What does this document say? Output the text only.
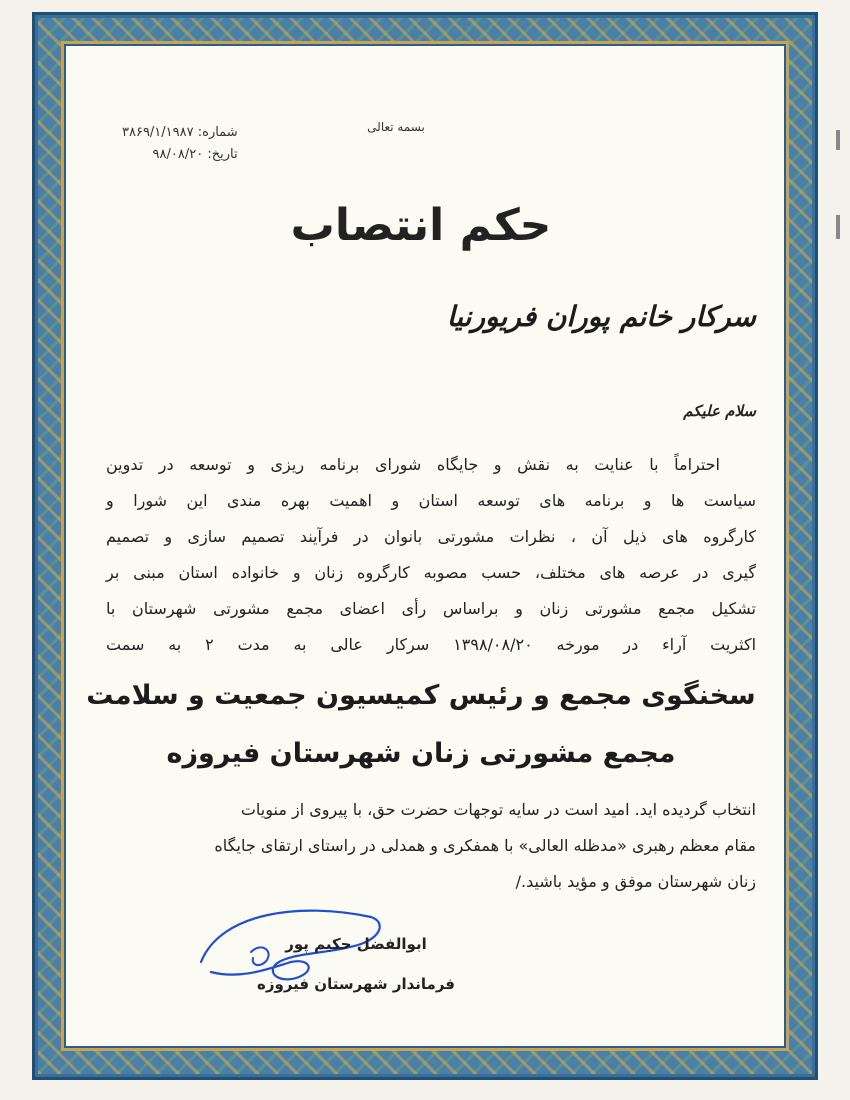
بسمه تعالی
شماره: ۳۸۶۹/۱/۱۹۸۷
تاریخ: ۹۸/۰۸/۲۰
حکم انتصاب
سرکار خانم پوران فریورنیا
سلام علیکم
احتراماً با عنایت به نقش و جایگاه شورای برنامه ریزی و توسعه در تدوین
سیاست ها و برنامه های توسعه استان و اهمیت بهره مندی این شورا و
کارگروه های ذیل آن ، نظرات مشورتی بانوان در فرآیند تصمیم سازی و تصمیم
گیری در عرصه های مختلف، حسب مصوبه کارگروه زنان و خانواده استان مبنی بر
تشکیل مجمع مشورتی زنان و براساس رأی اعضای مجمع مشورتی شهرستان با
اکثریت آراء در مورخه ۱۳۹۸/۰۸/۲۰ سرکار عالی به مدت ۲ به سمت
سخنگوی مجمع و رئیس کمیسیون جمعیت و سلامت
مجمع مشورتی زنان شهرستان فیروزه
انتخاب گردیده اید. امید است در سایه توجهات حضرت حق، با پیروی از منویات
مقام معظم رهبری «مدظله العالی» با همفکری و همدلی در راستای ارتقای جایگاه
زنان شهرستان موفق و مؤید باشید./
ابوالفضل حکیم پور
فرماندار شهرستان فیروزه
